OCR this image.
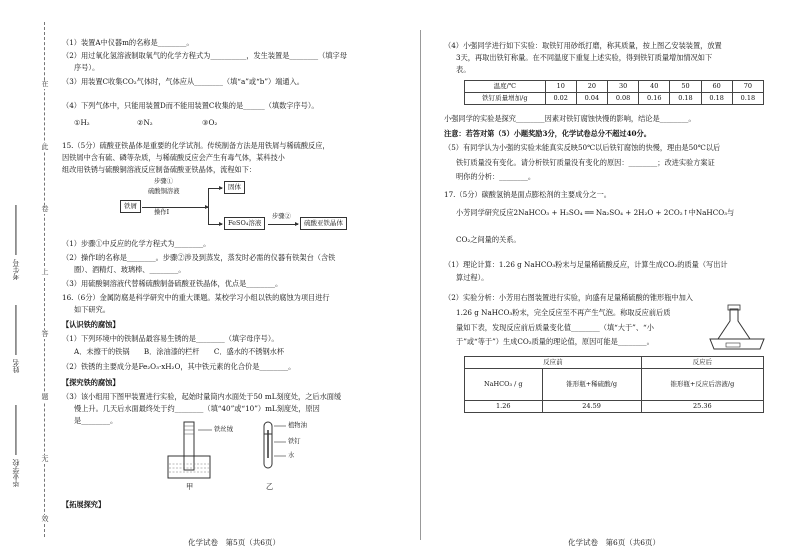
在
此
卷
上
答
题
无
效
考生号
姓名
毕业学校
（1）装置A中仪器m的名称是________。
（2）用过氧化氢溶液制取氧气的化学方程式为__________，发生装置是________（填字母
序号）。
（3）用装置C收集CO₂气体时，气体应从________（填“a”或“b”）端通入。
（4）下列气体中，只能用装置D而不能用装置C收集的是______（填数字序号）。
①H₂	②N₂	③O₂
15.（5分）硫酸亚铁晶体是重要的化学试剂。传统制备方法是用铁屑与稀硫酸反应，
因铁屑中含有硫、磷等杂质，与稀硫酸反应会产生有毒气体，某科技小
组改用铁锈与硫酸铜溶液反应制备硫酸亚铁晶体，流程如下：
铁屑
步骤①
硫酸铜溶液
操作Ⅰ
固体
FeSO₄溶液
步骤②
硫酸亚铁晶体
（1）步骤①中反应的化学方程式为________。
（2）操作Ⅰ的名称是________。步骤②涉及到蒸发，蒸发时必需的仪器有铁架台（含铁
圈）、酒精灯、玻璃棒、________。
（3）用硫酸铜溶液代替稀硫酸制备硫酸亚铁晶体，优点是________。
16.（6分）金属防腐是科学研究中的重大课题。某校学习小组以铁的腐蚀为项目进行
如下研究。
【认识铁的腐蚀】
（1）下列环境中的铁制品最容易生锈的是________（填字母序号）。
A．未擦干的铁锅　　B．涂油漆的栏杆　　C．盛水的不锈钢水杯
（2）铁锈的主要成分是Fe₂O₃·xH₂O，其中铁元素的化合价是________。
【探究铁的腐蚀】
（3）该小组用下图甲装置进行实验，起始时量筒内水面处于50 mL刻度处，之后水面缓
慢上升。几天后水面最终处于约________（填“40”或“10”）mL刻度处，原因
是________。
铁丝绒
植物油
铁钉
水
甲	乙
【拓展探究】
化学试卷　第5页（共6页）
（4）小强同学进行如下实验：取铁钉用砂纸打磨，称其质量，按上图乙安装装置，放置
3天，再取出铁钉称量。在不同温度下重复上述实验，得到铁钉质量增加情况如下
表。
温度/℃	10	20	30	40	50	60	70
铁钉质量增加/g	0.02	0.04	0.08	0.16	0.18	0.18	0.18
小强同学的实验是探究________因素对铁钉腐蚀快慢的影响，结论是________。
注意：若答对第（5）小题奖励3分，化学试卷总分不超过40分。
（5）有同学认为小强的实验未能真实反映50℃以后铁钉腐蚀的快慢，理由是50℃以后
铁钉质量没有变化。请分析铁钉质量没有变化的原因：________；改进实验方案证
明你的分析：________。
17.（5分）碳酸氢钠是面点膨松剂的主要成分之一。
小芳同学研究反应2NaHCO₃ + H₂SO₄ ══ Na₂SO₄ + 2H₂O + 2CO₂↑中NaHCO₃与
CO₂之间量的关系。
（1）理论计算：1.26 g NaHCO₃粉末与足量稀硫酸反应，计算生成CO₂的质量（写出计
算过程）。
（2）实验分析：小芳用右图装置进行实验，向盛有足量稀硫酸的锥形瓶中加入
1.26 g NaHCO₃粉末，完全反应至不再产生气泡。称取反应前后质
量如下表，发现反应前后质量变化值________（填“大于”、“小
于”或“等于”）生成CO₂质量的理论值，原因可能是________。
反应前		反应后
NaHCO₃ / g	锥形瓶+稀硫酸/g	锥形瓶+反应后溶液/g
1.26	24.59	25.36
化学试卷　第6页（共6页）
